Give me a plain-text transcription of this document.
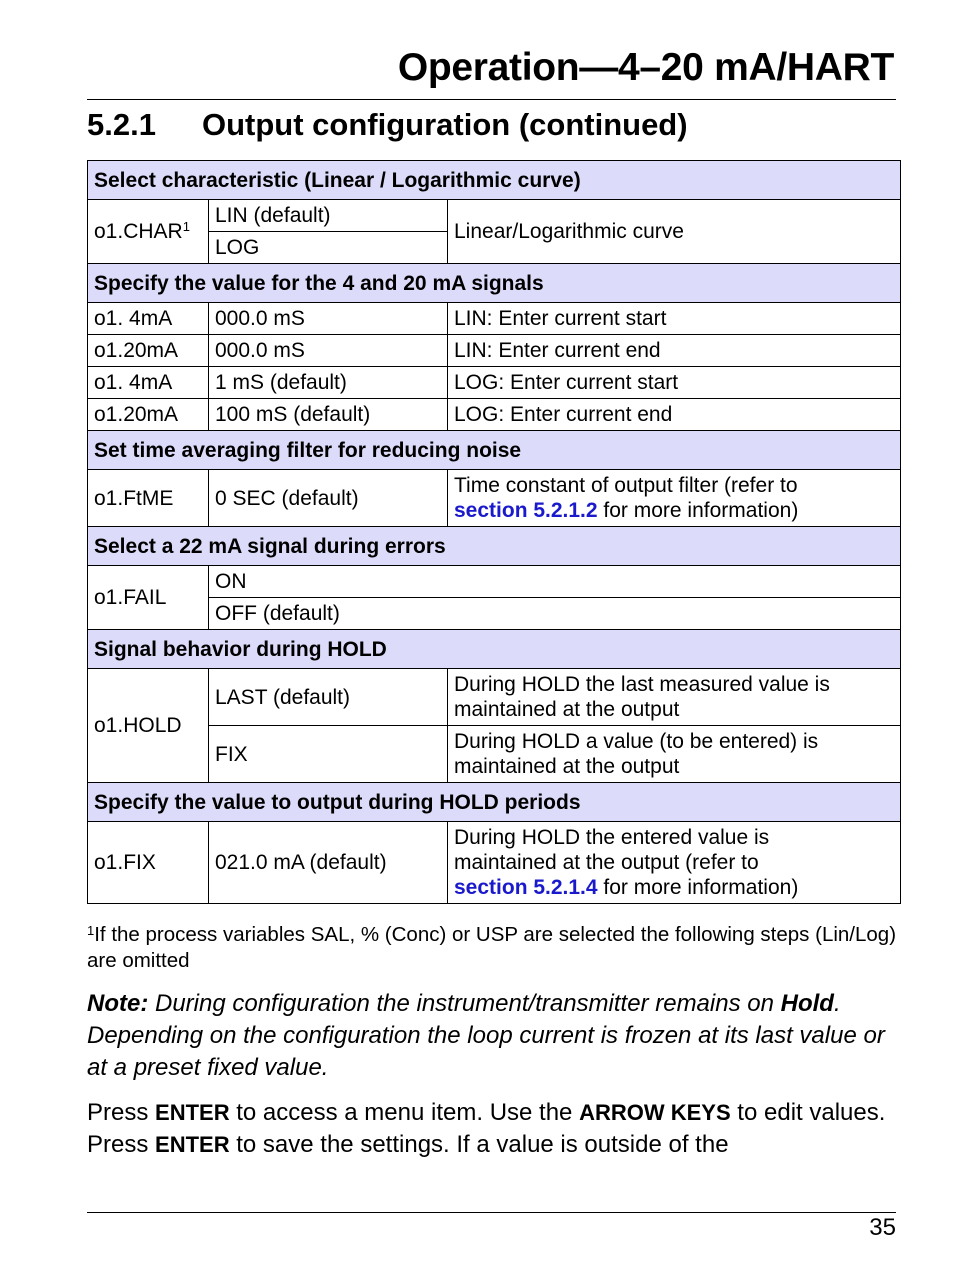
Operation—4–20 mA/HART
5.2.1 Output configuration (continued)
Select characteristic (Linear / Logarithmic curve)		
o1.CHAR$^1$	LIN (default)	Linear/Logarithmic curve
	LOG	
Specify the value for the 4 and 20 mA signals		
o1. 4mA	000.0 mS	LIN: Enter current start
o1.20mA	000.0 mS	LIN: Enter current end
o1. 4mA	1 mS (default)	LOG: Enter current start
o1.20mA	100 mS (default)	LOG: Enter current end
Set time averaging filter for reducing noise		
o1.FtME	0 SEC (default)	Time constant of output filter (refer to
section 5.2.1.2 for more information)
Select a 22 mA signal during errors		
o1.FAIL	ON	
	OFF (default)	
Signal behavior during HOLD		
o1.HOLD	LAST (default)	During HOLD the last measured value is maintained at the output
	FIX	During HOLD a value (to be entered) is maintained at the output
Specify the value to output during HOLD periods		
o1.FIX	021.0 mA (default)	During HOLD the entered value is
maintained at the output (refer to
section 5.2.1.4 for more information)

$^1$If the process variables SAL, % (Conc) or USP are selected the following steps (Lin/Log) are omitted

Note: During configuration the instrument/transmitter remains on Hold. Depending on the configuration the loop current is frozen at its last value or at a preset fixed value.

Press ENTER to access a menu item. Use the ARROW KEYS to edit values. Press ENTER to save the settings. If a value is outside of the

35
